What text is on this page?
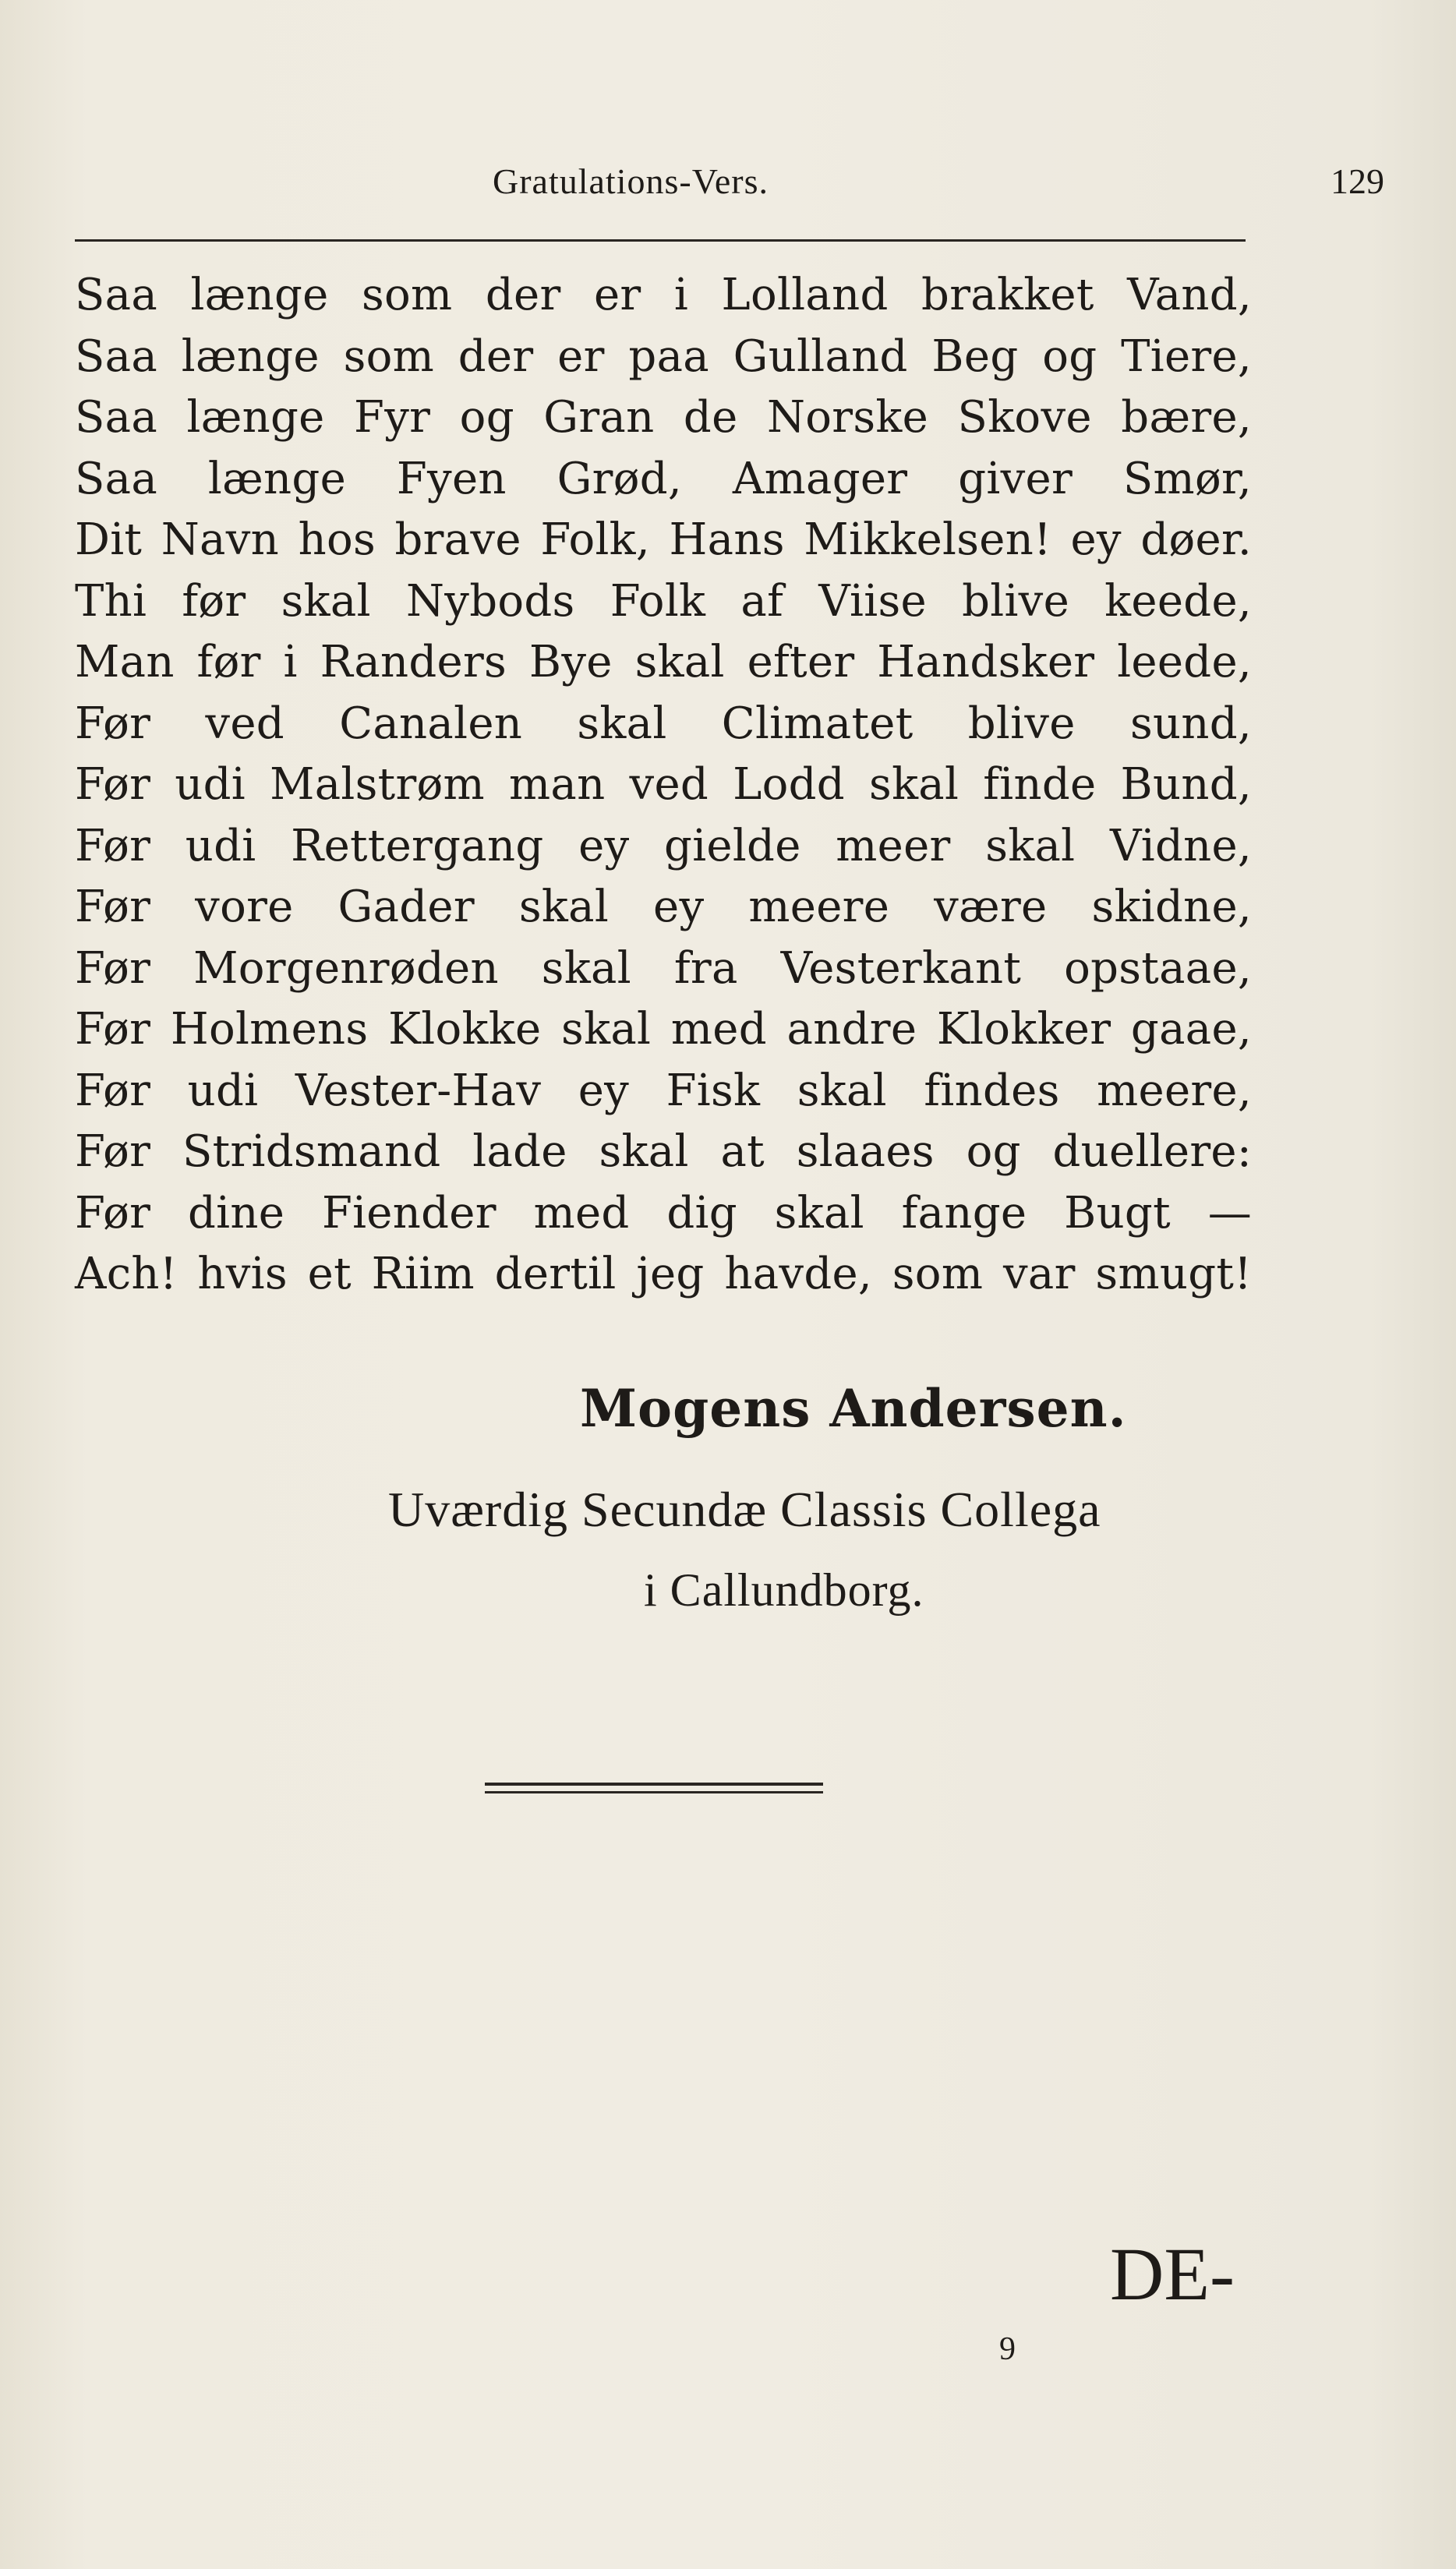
Gratulations-Vers.	129
Saa længe som der er i Lolland brakket Vand,
Saa længe som der er paa Gulland Beg og Tiere,
Saa længe Fyr og Gran de Norske Skove bære,
Saa længe Fyen Grød, Amager giver Smør,
Dit Navn hos brave Folk, Hans Mikkelsen! ey døer.
Thi før skal Nybods Folk af Viise blive keede,
Man før i Randers Bye skal efter Handsker leede,
Før ved Canalen skal Climatet blive sund,
Før udi Malstrøm man ved Lodd skal finde Bund,
Før udi Rettergang ey gielde meer skal Vidne,
Før vore Gader skal ey meere være skidne,
Før Morgenrøden skal fra Vesterkant opstaae,
Før Holmens Klokke skal med andre Klokker gaae,
Før udi Vester-Hav ey Fisk skal findes meere,
Før Stridsmand lade skal at slaaes og duellere:
Før dine Fiender med dig skal fange Bugt —
Ach! hvis et Riim dertil jeg havde, som var smugt!
Mogens Andersen.
Uværdig Secundæ Classis Collega
i Callundborg.
DE-
9
